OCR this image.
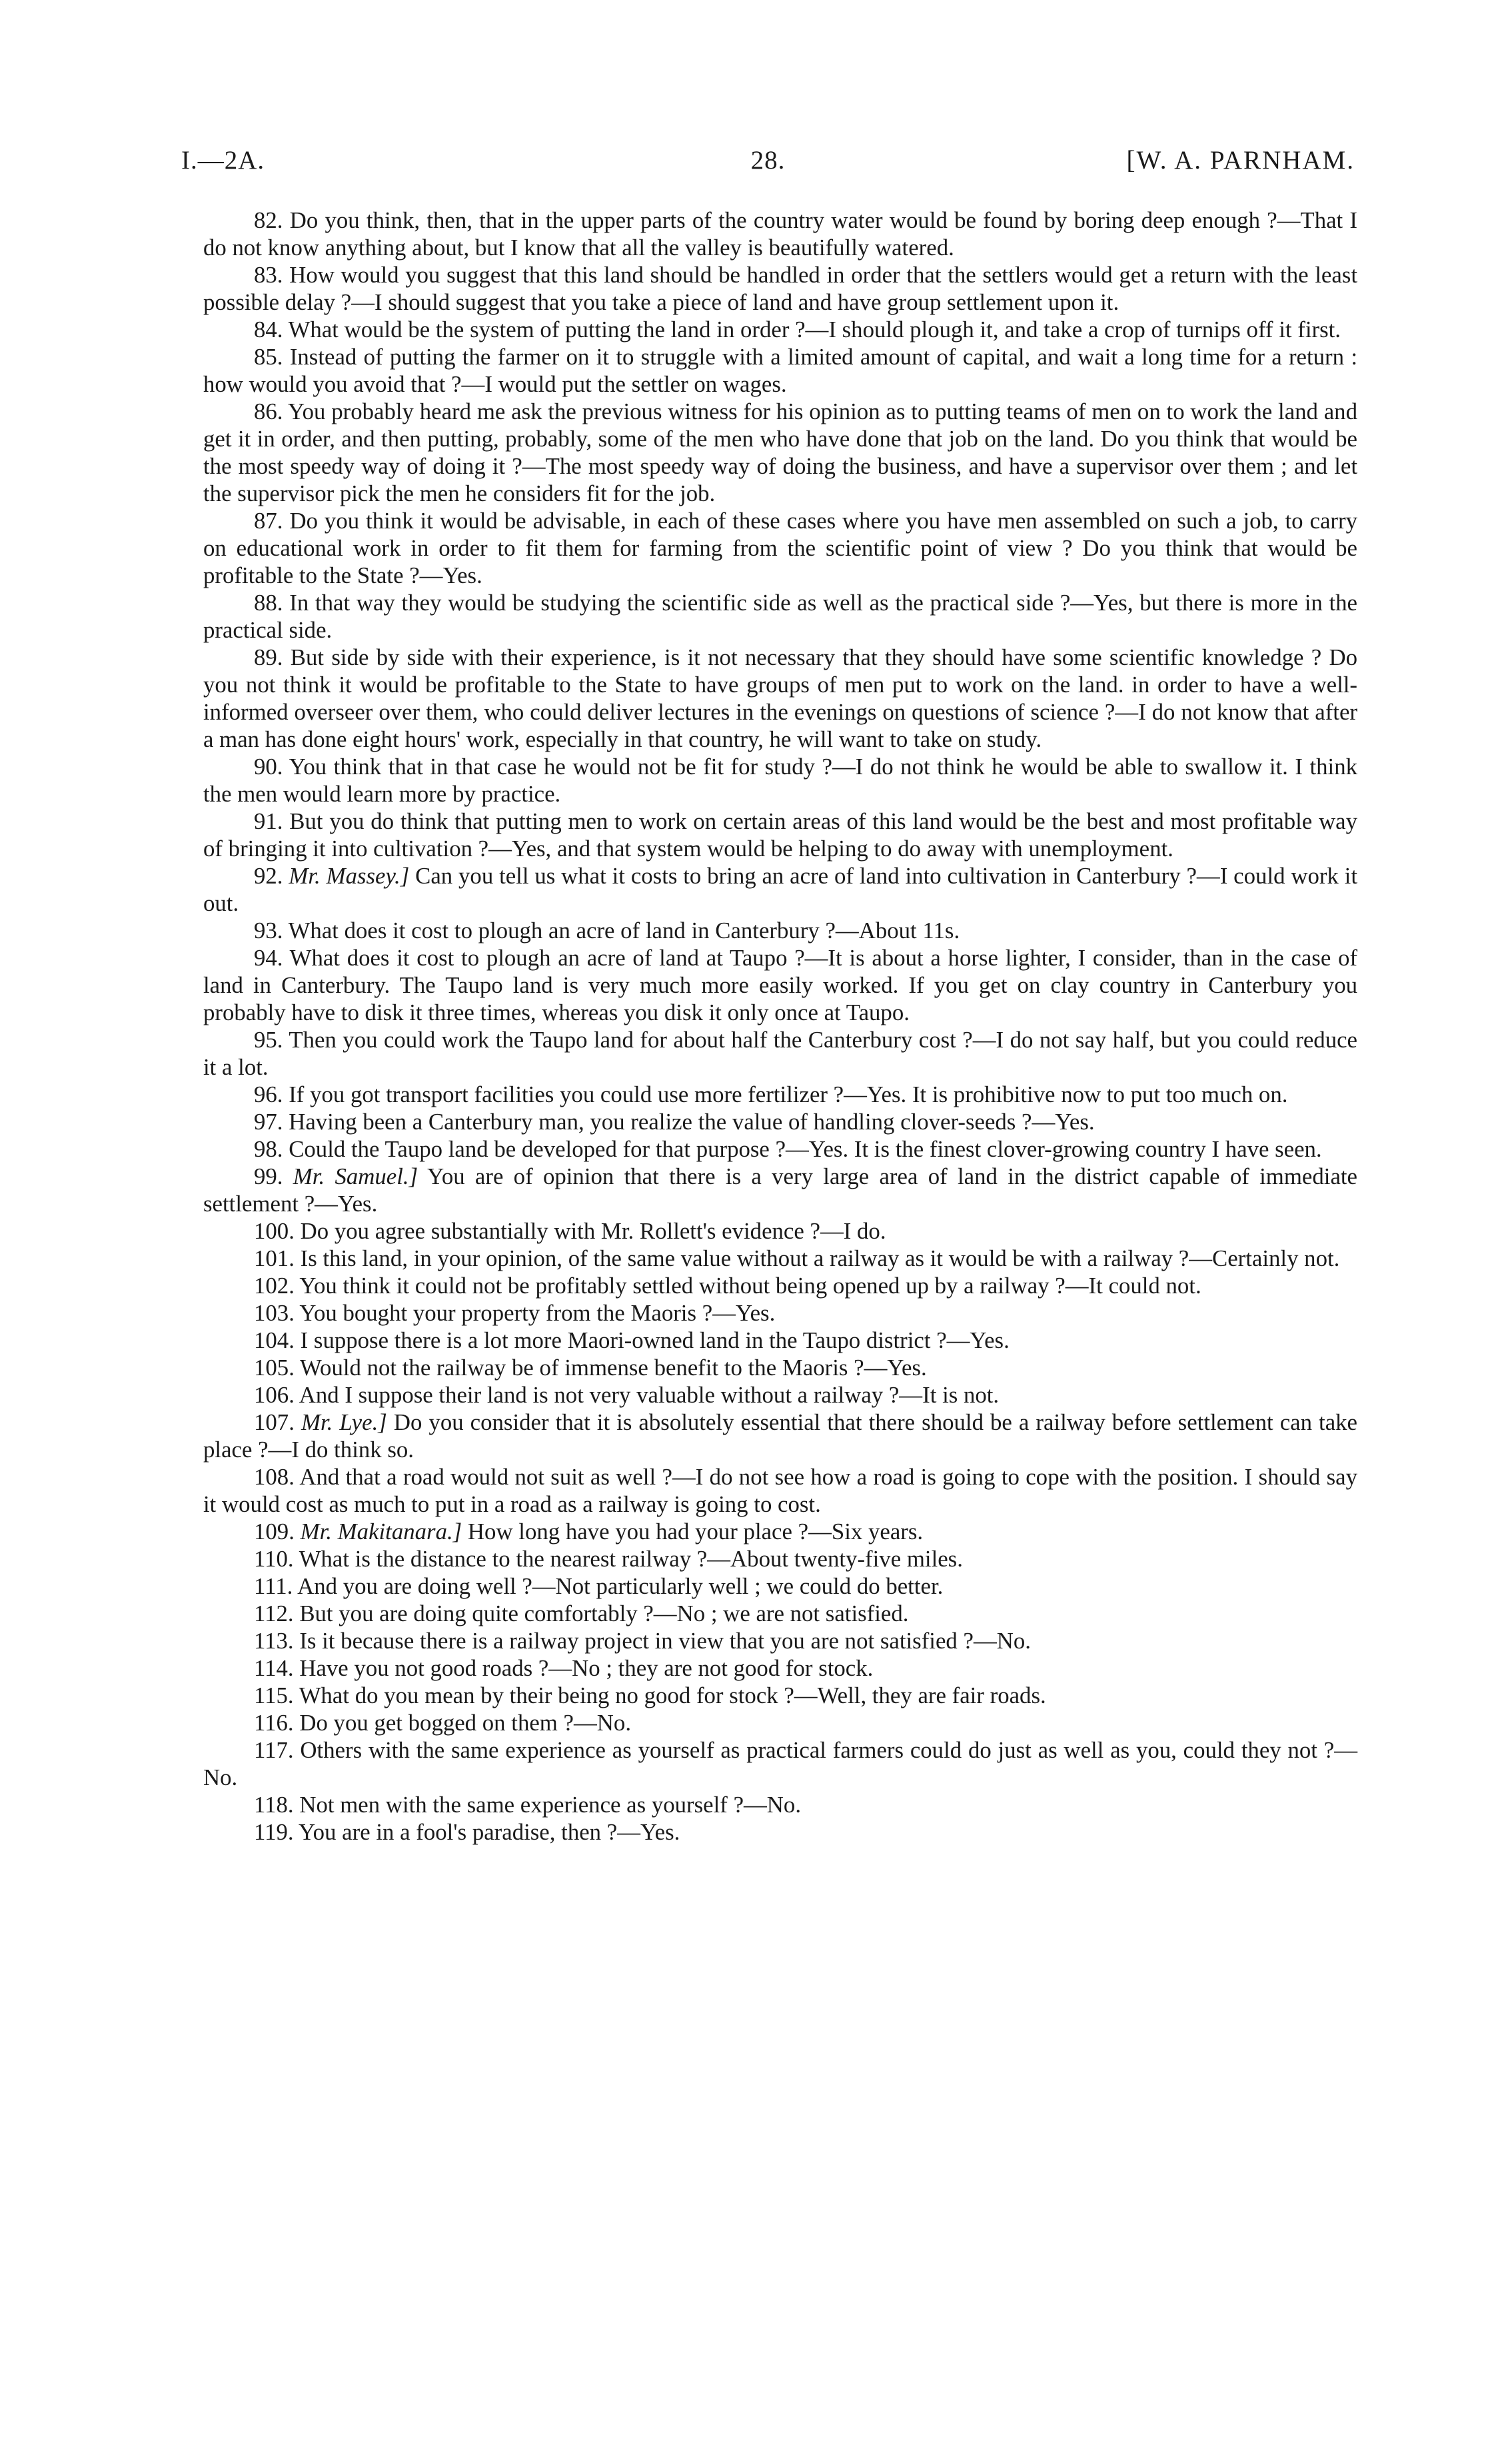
I.—2A.	28.	[W. A. PARNHAM.

82. Do you think, then, that in the upper parts of the country water would be found by boring deep enough ?—That I do not know anything about, but I know that all the valley is beautifully watered.

83. How would you suggest that this land should be handled in order that the settlers would get a return with the least possible delay ?—I should suggest that you take a piece of land and have group settlement upon it.

84. What would be the system of putting the land in order ?—I should plough it, and take a crop of turnips off it first.

85. Instead of putting the farmer on it to struggle with a limited amount of capital, and wait a long time for a return : how would you avoid that ?—I would put the settler on wages.

86. You probably heard me ask the previous witness for his opinion as to putting teams of men on to work the land and get it in order, and then putting, probably, some of the men who have done that job on the land. Do you think that would be the most speedy way of doing it ?—The most speedy way of doing the business, and have a supervisor over them ; and let the supervisor pick the men he considers fit for the job.

87. Do you think it would be advisable, in each of these cases where you have men assembled on such a job, to carry on educational work in order to fit them for farming from the scientific point of view ? Do you think that would be profitable to the State ?—Yes.

88. In that way they would be studying the scientific side as well as the practical side ?—Yes, but there is more in the practical side.

89. But side by side with their experience, is it not necessary that they should have some scientific knowledge ? Do you not think it would be profitable to the State to have groups of men put to work on the land. in order to have a well-informed overseer over them, who could deliver lectures in the evenings on questions of science ?—I do not know that after a man has done eight hours' work, especially in that country, he will want to take on study.

90. You think that in that case he would not be fit for study ?—I do not think he would be able to swallow it. I think the men would learn more by practice.

91. But you do think that putting men to work on certain areas of this land would be the best and most profitable way of bringing it into cultivation ?—Yes, and that system would be helping to do away with unemployment.

92. Mr. Massey.] Can you tell us what it costs to bring an acre of land into cultivation in Canterbury ?—I could work it out.

93. What does it cost to plough an acre of land in Canterbury ?—About 11s.

94. What does it cost to plough an acre of land at Taupo ?—It is about a horse lighter, I consider, than in the case of land in Canterbury. The Taupo land is very much more easily worked. If you get on clay country in Canterbury you probably have to disk it three times, whereas you disk it only once at Taupo.

95. Then you could work the Taupo land for about half the Canterbury cost ?—I do not say half, but you could reduce it a lot.

96. If you got transport facilities you could use more fertilizer ?—Yes. It is prohibitive now to put too much on.

97. Having been a Canterbury man, you realize the value of handling clover-seeds ?—Yes.

98. Could the Taupo land be developed for that purpose ?—Yes. It is the finest clover-growing country I have seen.

99. Mr. Samuel.] You are of opinion that there is a very large area of land in the district capable of immediate settlement ?—Yes.

100. Do you agree substantially with Mr. Rollett's evidence ?—I do.

101. Is this land, in your opinion, of the same value without a railway as it would be with a railway ?—Certainly not.

102. You think it could not be profitably settled without being opened up by a railway ?—It could not.

103. You bought your property from the Maoris ?—Yes.

104. I suppose there is a lot more Maori-owned land in the Taupo district ?—Yes.

105. Would not the railway be of immense benefit to the Maoris ?—Yes.

106. And I suppose their land is not very valuable without a railway ?—It is not.

107. Mr. Lye.] Do you consider that it is absolutely essential that there should be a railway before settlement can take place ?—I do think so.

108. And that a road would not suit as well ?—I do not see how a road is going to cope with the position. I should say it would cost as much to put in a road as a railway is going to cost.

109. Mr. Makitanara.] How long have you had your place ?—Six years.

110. What is the distance to the nearest railway ?—About twenty-five miles.

111. And you are doing well ?—Not particularly well ; we could do better.

112. But you are doing quite comfortably ?—No ; we are not satisfied.

113. Is it because there is a railway project in view that you are not satisfied ?—No.

114. Have you not good roads ?—No ; they are not good for stock.

115. What do you mean by their being no good for stock ?—Well, they are fair roads.

116. Do you get bogged on them ?—No.

117. Others with the same experience as yourself as practical farmers could do just as well as you, could they not ?—No.

118. Not men with the same experience as yourself ?—No.

119. You are in a fool's paradise, then ?—Yes.
